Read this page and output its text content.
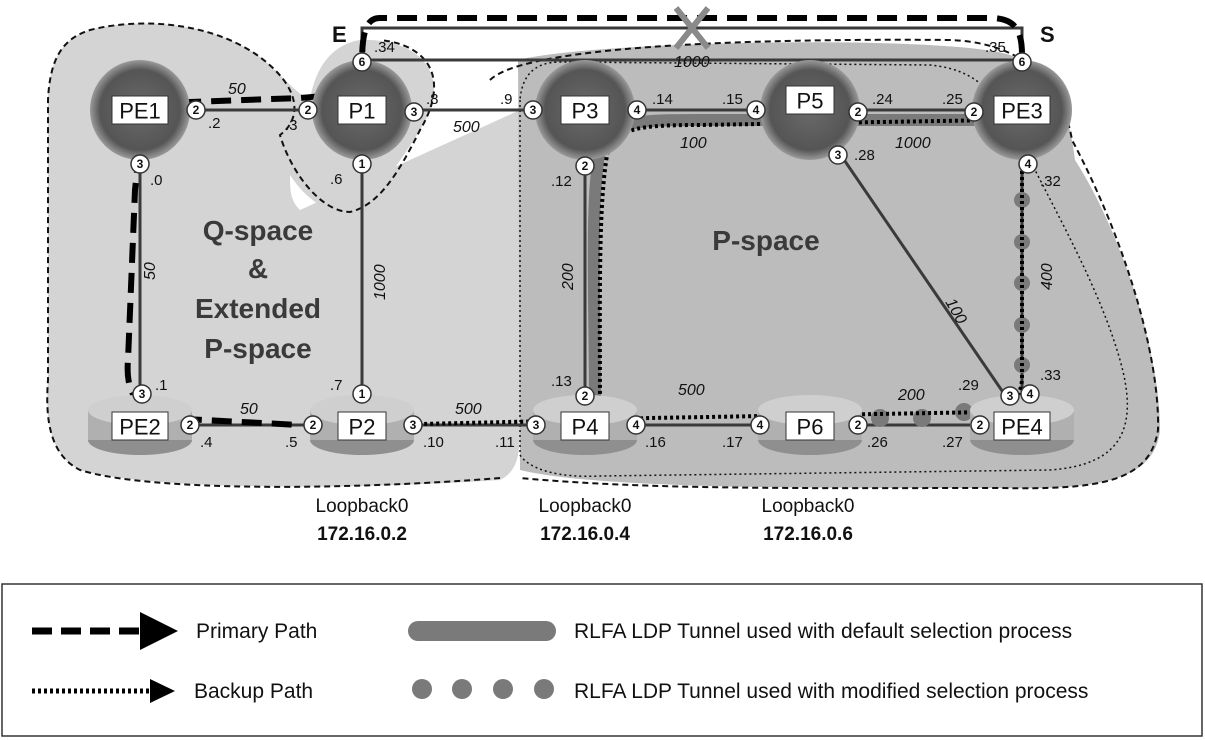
PE1	P1	P3	P5	PE3
PE2	P2	P4	P6	PE4
6	6
2	2	3	3	4	4	2	2
3	1	2
3
4
3	1	2	3 4
2	2	3	3	4	4	2	2
.34	.35
.2	.3
.8	.9	.14	.15	.24	.25
.0	.6	.12
.28
.32
.1	.7	.13	.29
.33
.4	.5	.10	.11	.16	.17	.26	.27
50
1000
500
50	1000
100	1000
200
100
400
50	500
500	200
E	S
Q-space
&
Extended
P-space
P-space
Loopback0
172.16.0.2
Loopback0
172.16.0.4
Loopback0
172.16.0.6
Primary Path
Backup Path
RLFA LDP Tunnel used with default selection process
RLFA LDP Tunnel used with modified selection process
